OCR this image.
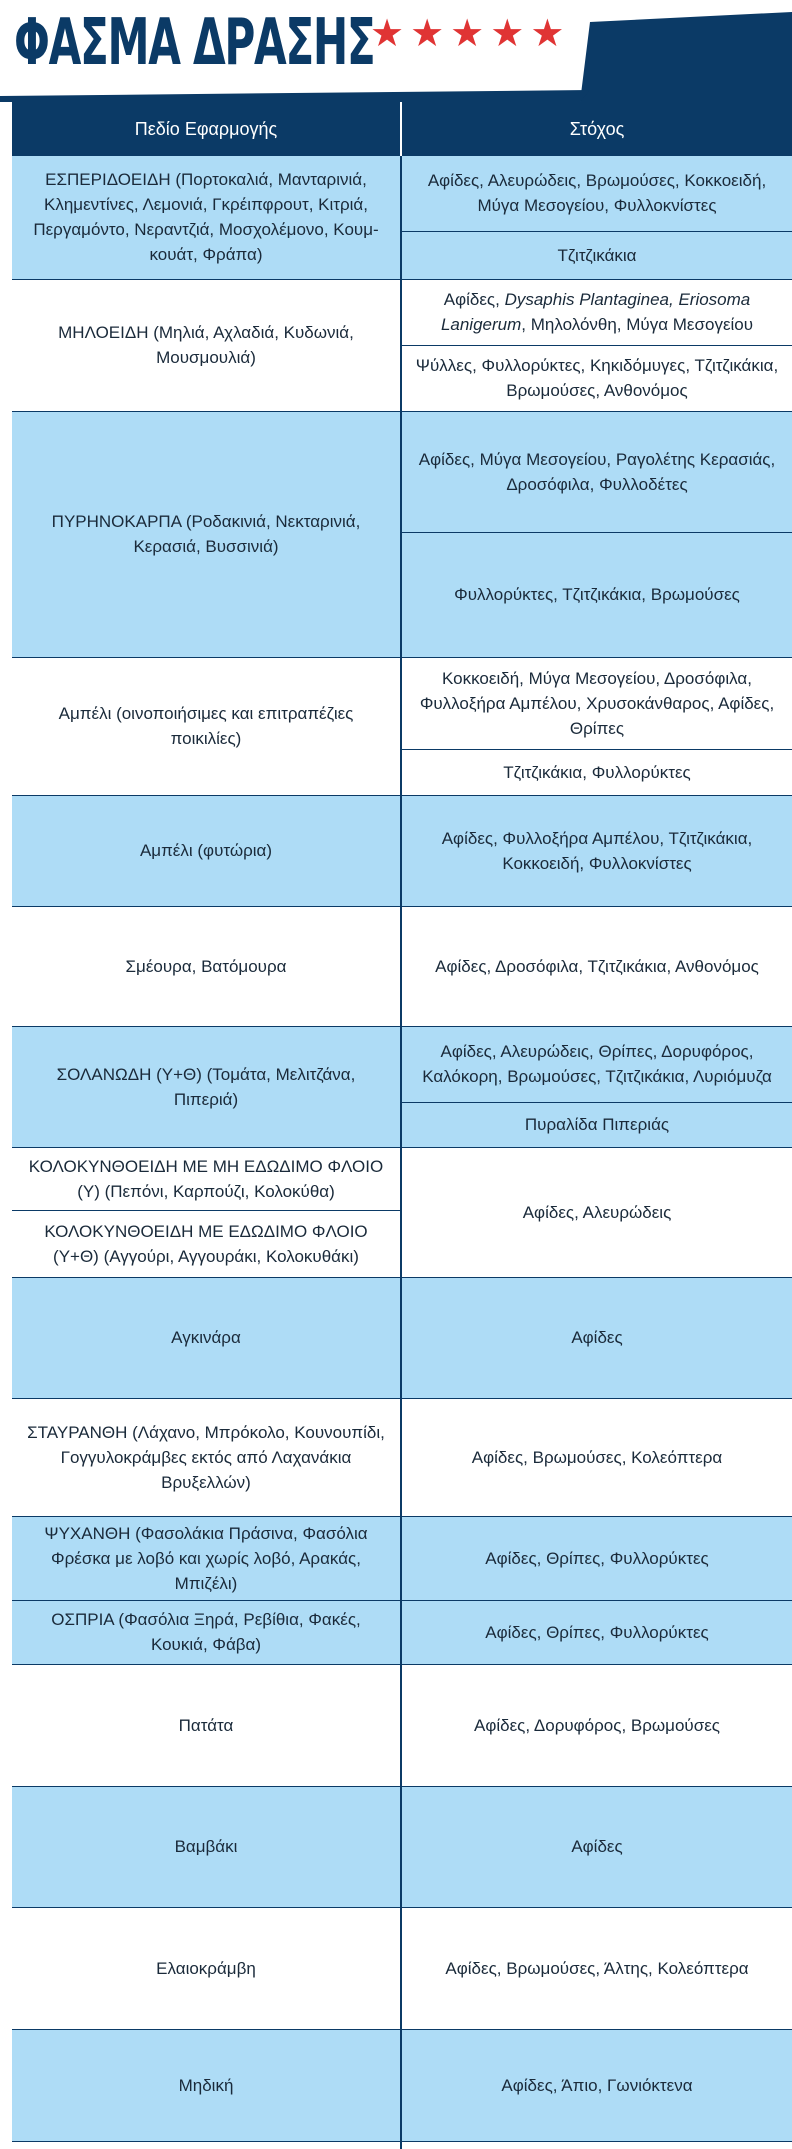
ΦΑΣΜΑ ΔΡΑΣΗΣ
★ ★ ★ ★ ★
Πεδίο Εφαρμογής	Στόχος
ΕΣΠΕΡΙΔΟΕΙΔΗ (Πορτοκαλιά, Μανταρινιά, Κλημεντίνες, Λεμονιά, Γκρέιπφρουτ, Κιτριά, Περγαμόντο, Νεραντζιά, Μοσχολέμονο, Κουμ-κουάτ, Φράπα)	Αφίδες, Αλευρώδεις, Βρωμούσες, Κοκκοειδή, Μύγα Μεσογείου, Φυλλοκνίστες
	Τζιτζικάκια
ΜΗΛΟΕΙΔΗ (Μηλιά, Αχλαδιά, Κυδωνιά, Μουσμουλιά)	Αφίδες, Dysaphis Plantaginea, Eriosoma Lanigerum, Μηλολόνθη, Μύγα Μεσογείου
	Ψύλλες, Φυλλορύκτες, Κηκιδόμυγες, Τζιτζικάκια, Βρωμούσες, Ανθονόμος
ΠΥΡΗΝΟΚΑΡΠΑ (Ροδακινιά, Νεκταρινιά, Κερασιά, Βυσσινιά)	Αφίδες, Μύγα Μεσογείου, Ραγολέτης Κερασιάς, Δροσόφιλα, Φυλλοδέτες
	Φυλλορύκτες, Τζιτζικάκια, Βρωμούσες
Αμπέλι (οινοποιήσιμες και επιτραπέζιες ποικιλίες)	Κοκκοειδή, Μύγα Μεσογείου, Δροσόφιλα, Φυλλοξήρα Αμπέλου, Χρυσοκάνθαρος, Αφίδες, Θρίπες
	Τζιτζικάκια, Φυλλορύκτες
Αμπέλι (φυτώρια)	Αφίδες, Φυλλοξήρα Αμπέλου, Τζιτζικάκια, Κοκκοειδή, Φυλλοκνίστες
Σμέουρα, Βατόμουρα	Αφίδες, Δροσόφιλα, Τζιτζικάκια, Ανθονόμος
ΣΟΛΑΝΩΔΗ (Υ+Θ) (Τομάτα, Μελιτζάνα, Πιπεριά)	Αφίδες, Αλευρώδεις, Θρίπες, Δορυφόρος, Καλόκορη, Βρωμούσες, Τζιτζικάκια, Λυριόμυζα
	Πυραλίδα Πιπεριάς
ΚΟΛΟΚΥΝΘΟΕΙΔΗ ΜΕ ΜΗ ΕΔΩΔΙΜΟ ΦΛΟΙΟ (Υ) (Πεπόνι, Καρπούζι, Κολοκύθα)	Αφίδες, Αλευρώδεις
ΚΟΛΟΚΥΝΘΟΕΙΔΗ ΜΕ ΕΔΩΔΙΜΟ ΦΛΟΙΟ (Υ+Θ) (Αγγούρι, Αγγουράκι, Κολοκυθάκι)	
Αγκινάρα	Αφίδες
ΣΤΑΥΡΑΝΘΗ (Λάχανο, Μπρόκολο, Κουνουπίδι, Γογγυλοκράμβες εκτός από Λαχανάκια Βρυξελλών)	Αφίδες, Βρωμούσες, Κολεόπτερα
ΨΥΧΑΝΘΗ (Φασολάκια Πράσινα, Φασόλια Φρέσκα με λοβό και χωρίς λοβό, Αρακάς, Μπιζέλι)	Αφίδες, Θρίπες, Φυλλορύκτες
ΟΣΠΡΙΑ (Φασόλια Ξηρά, Ρεβίθια, Φακές, Κουκιά, Φάβα)	Αφίδες, Θρίπες, Φυλλορύκτες
Πατάτα	Αφίδες, Δορυφόρος, Βρωμούσες
Βαμβάκι	Αφίδες
Ελαιοκράμβη	Αφίδες, Βρωμούσες, Άλτης, Κολεόπτερα
Μηδική	Αφίδες, Άπιο, Γωνιόκτενα
